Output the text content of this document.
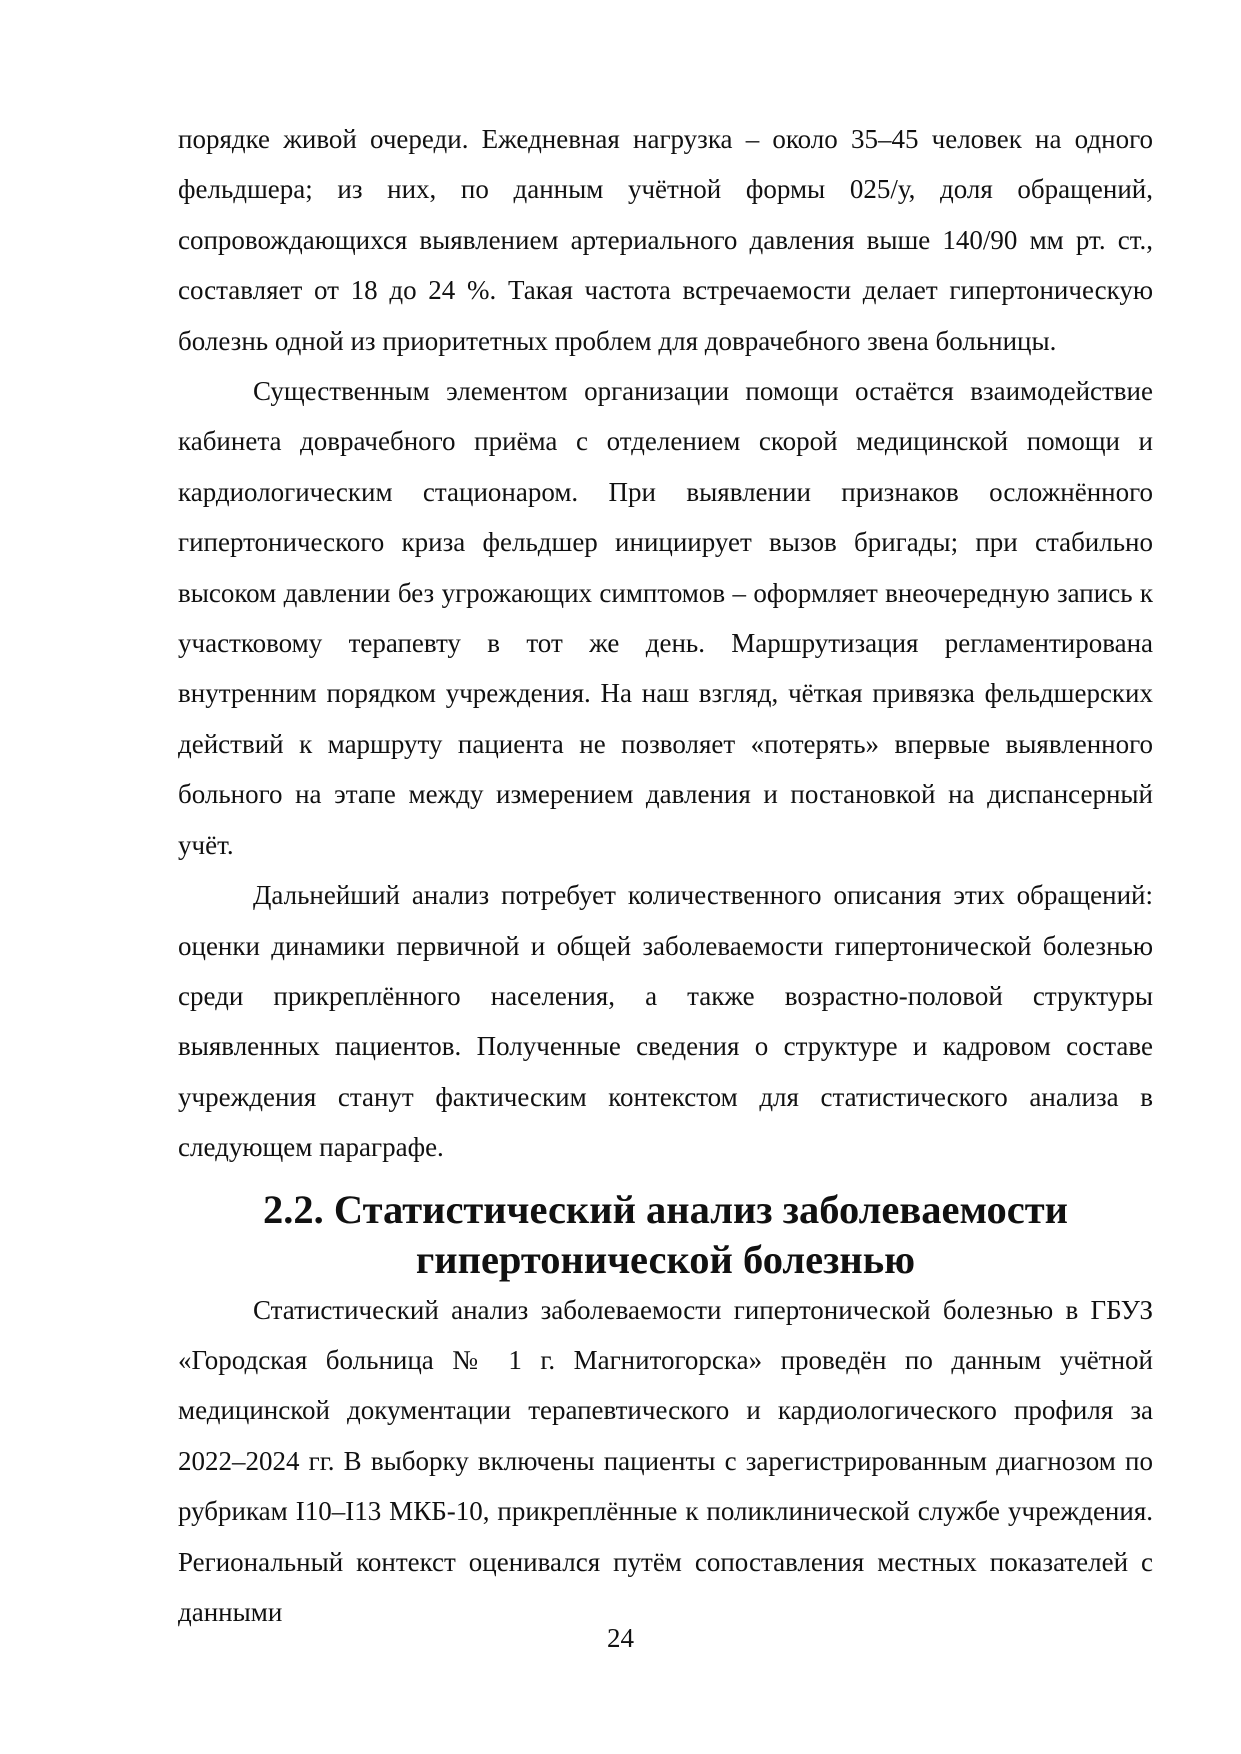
порядке живой очереди. Ежедневная нагрузка – около 35–45 человек на одного фельдшера; из них, по данным учётной формы 025/у, доля обращений, сопровождающихся выявлением артериального давления выше 140/90 мм рт. ст., составляет от 18 до 24 %. Такая частота встречаемости делает гипертоническую болезнь одной из приоритетных проблем для доврачебного звена больницы.

Существенным элементом организации помощи остаётся взаимодействие кабинета доврачебного приёма с отделением скорой медицинской помощи и кардиологическим стационаром. При выявлении признаков осложнённого гипертонического криза фельдшер инициирует вызов бригады; при стабильно высоком давлении без угрожающих симптомов – оформляет внеочередную запись к участковому терапевту в тот же день. Маршрутизация регламентирована внутренним порядком учреждения. На наш взгляд, чёткая привязка фельдшерских действий к маршруту пациента не позволяет «потерять» впервые выявленного больного на этапе между измерением давления и постановкой на диспансерный учёт.

Дальнейший анализ потребует количественного описания этих обращений: оценки динамики первичной и общей заболеваемости гипертонической болезнью среди прикреплённого населения, а также возрастно-половой структуры выявленных пациентов. Полученные сведения о структуре и кадровом составе учреждения станут фактическим контекстом для статистического анализа в следующем параграфе.

2.2. Статистический анализ заболеваемости гипертонической болезнью

Статистический анализ заболеваемости гипертонической болезнью в ГБУЗ «Городская больница № 1 г. Магнитогорска» проведён по данным учётной медицинской документации терапевтического и кардиологического профиля за 2022–2024 гг. В выборку включены пациенты с зарегистрированным диагнозом по рубрикам I10–I13 МКБ-10, прикреплённые к поликлинической службе учреждения. Региональный контекст оценивался путём сопоставления местных показателей с данными

24
